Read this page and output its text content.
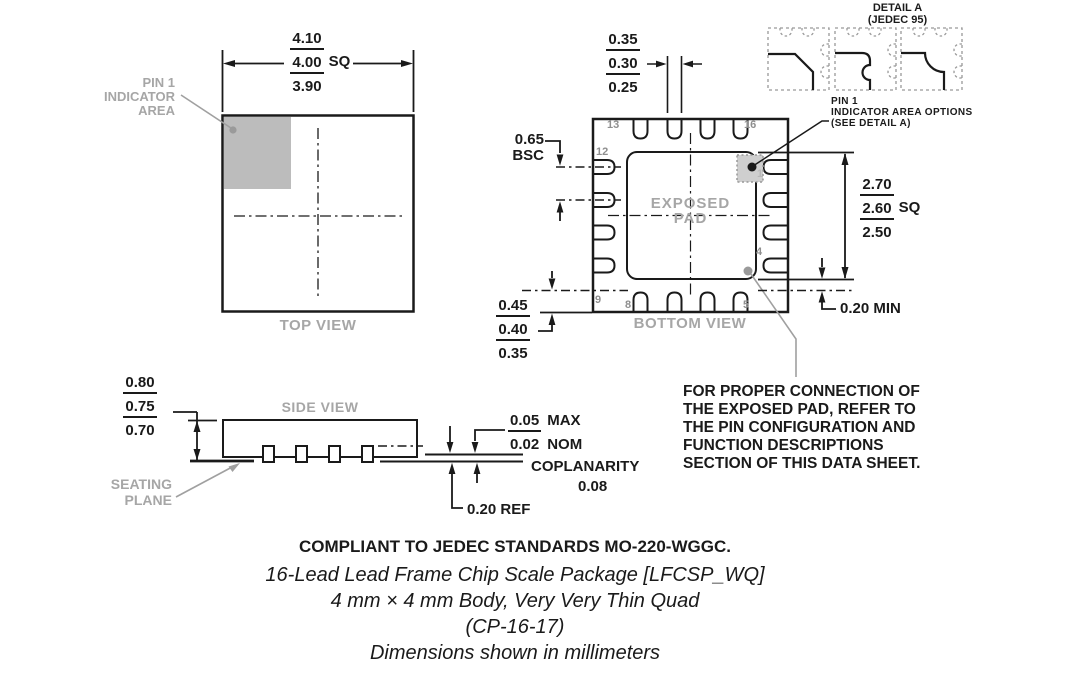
4.10
4.00 SQ
3.90
PIN 1
INDICATOR
AREA
TOP VIEW
0.35
0.30
0.25
0.65
BSC
0.45
0.40
0.35
EXPOSED
PAD
BOTTOM VIEW
13	16
12
9 8	5
4
1
2.70
2.60 SQ
2.50
0.20 MIN
PIN 1
INDICATOR AREA OPTIONS
(SEE DETAIL A)
DETAIL A
(JEDEC 95)
0.80
0.75
0.70
SIDE VIEW
SEATING
PLANE
0.05 MAX
0.02 NOM
COPLANARITY
0.08
0.20 REF
FOR PROPER CONNECTION OF
THE EXPOSED PAD, REFER TO
THE PIN CONFIGURATION AND
FUNCTION DESCRIPTIONS
SECTION OF THIS DATA SHEET.
COMPLIANT TO JEDEC STANDARDS MO-220-WGGC.
16-Lead Lead Frame Chip Scale Package [LFCSP_WQ]
4 mm × 4 mm Body, Very Very Thin Quad
(CP-16-17)
Dimensions shown in millimeters
